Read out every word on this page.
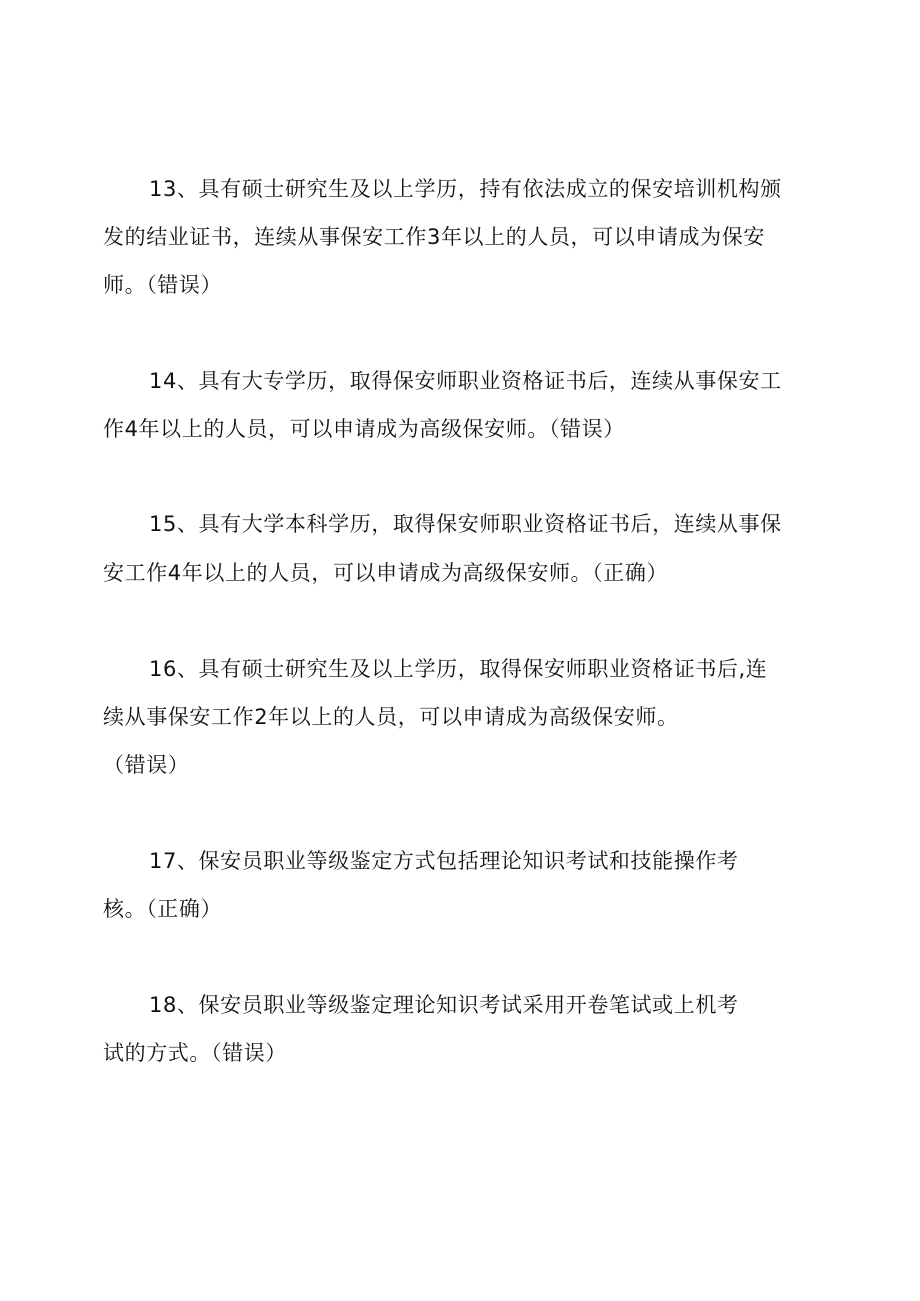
13、具有硕士研究生及以上学历，持有依法成立的保安培训机构颁
发的结业证书，连续从事保安工作3年以上的人员，可以申请成为保安
师。（错误）
14、具有大专学历，取得保安师职业资格证书后，连续从事保安工
作4年以上的人员，可以申请成为高级保安师。（错误）
15、具有大学本科学历，取得保安师职业资格证书后，连续从事保
安工作4年以上的人员，可以申请成为高级保安师。（正确）
16、具有硕士研究生及以上学历，取得保安师职业资格证书后,连
续从事保安工作2年以上的人员，可以申请成为高级保安师。
（错误）
17、保安员职业等级鉴定方式包括理论知识考试和技能操作考
核。（正确）
18、保安员职业等级鉴定理论知识考试采用开卷笔试或上机考
试的方式。（错误）
